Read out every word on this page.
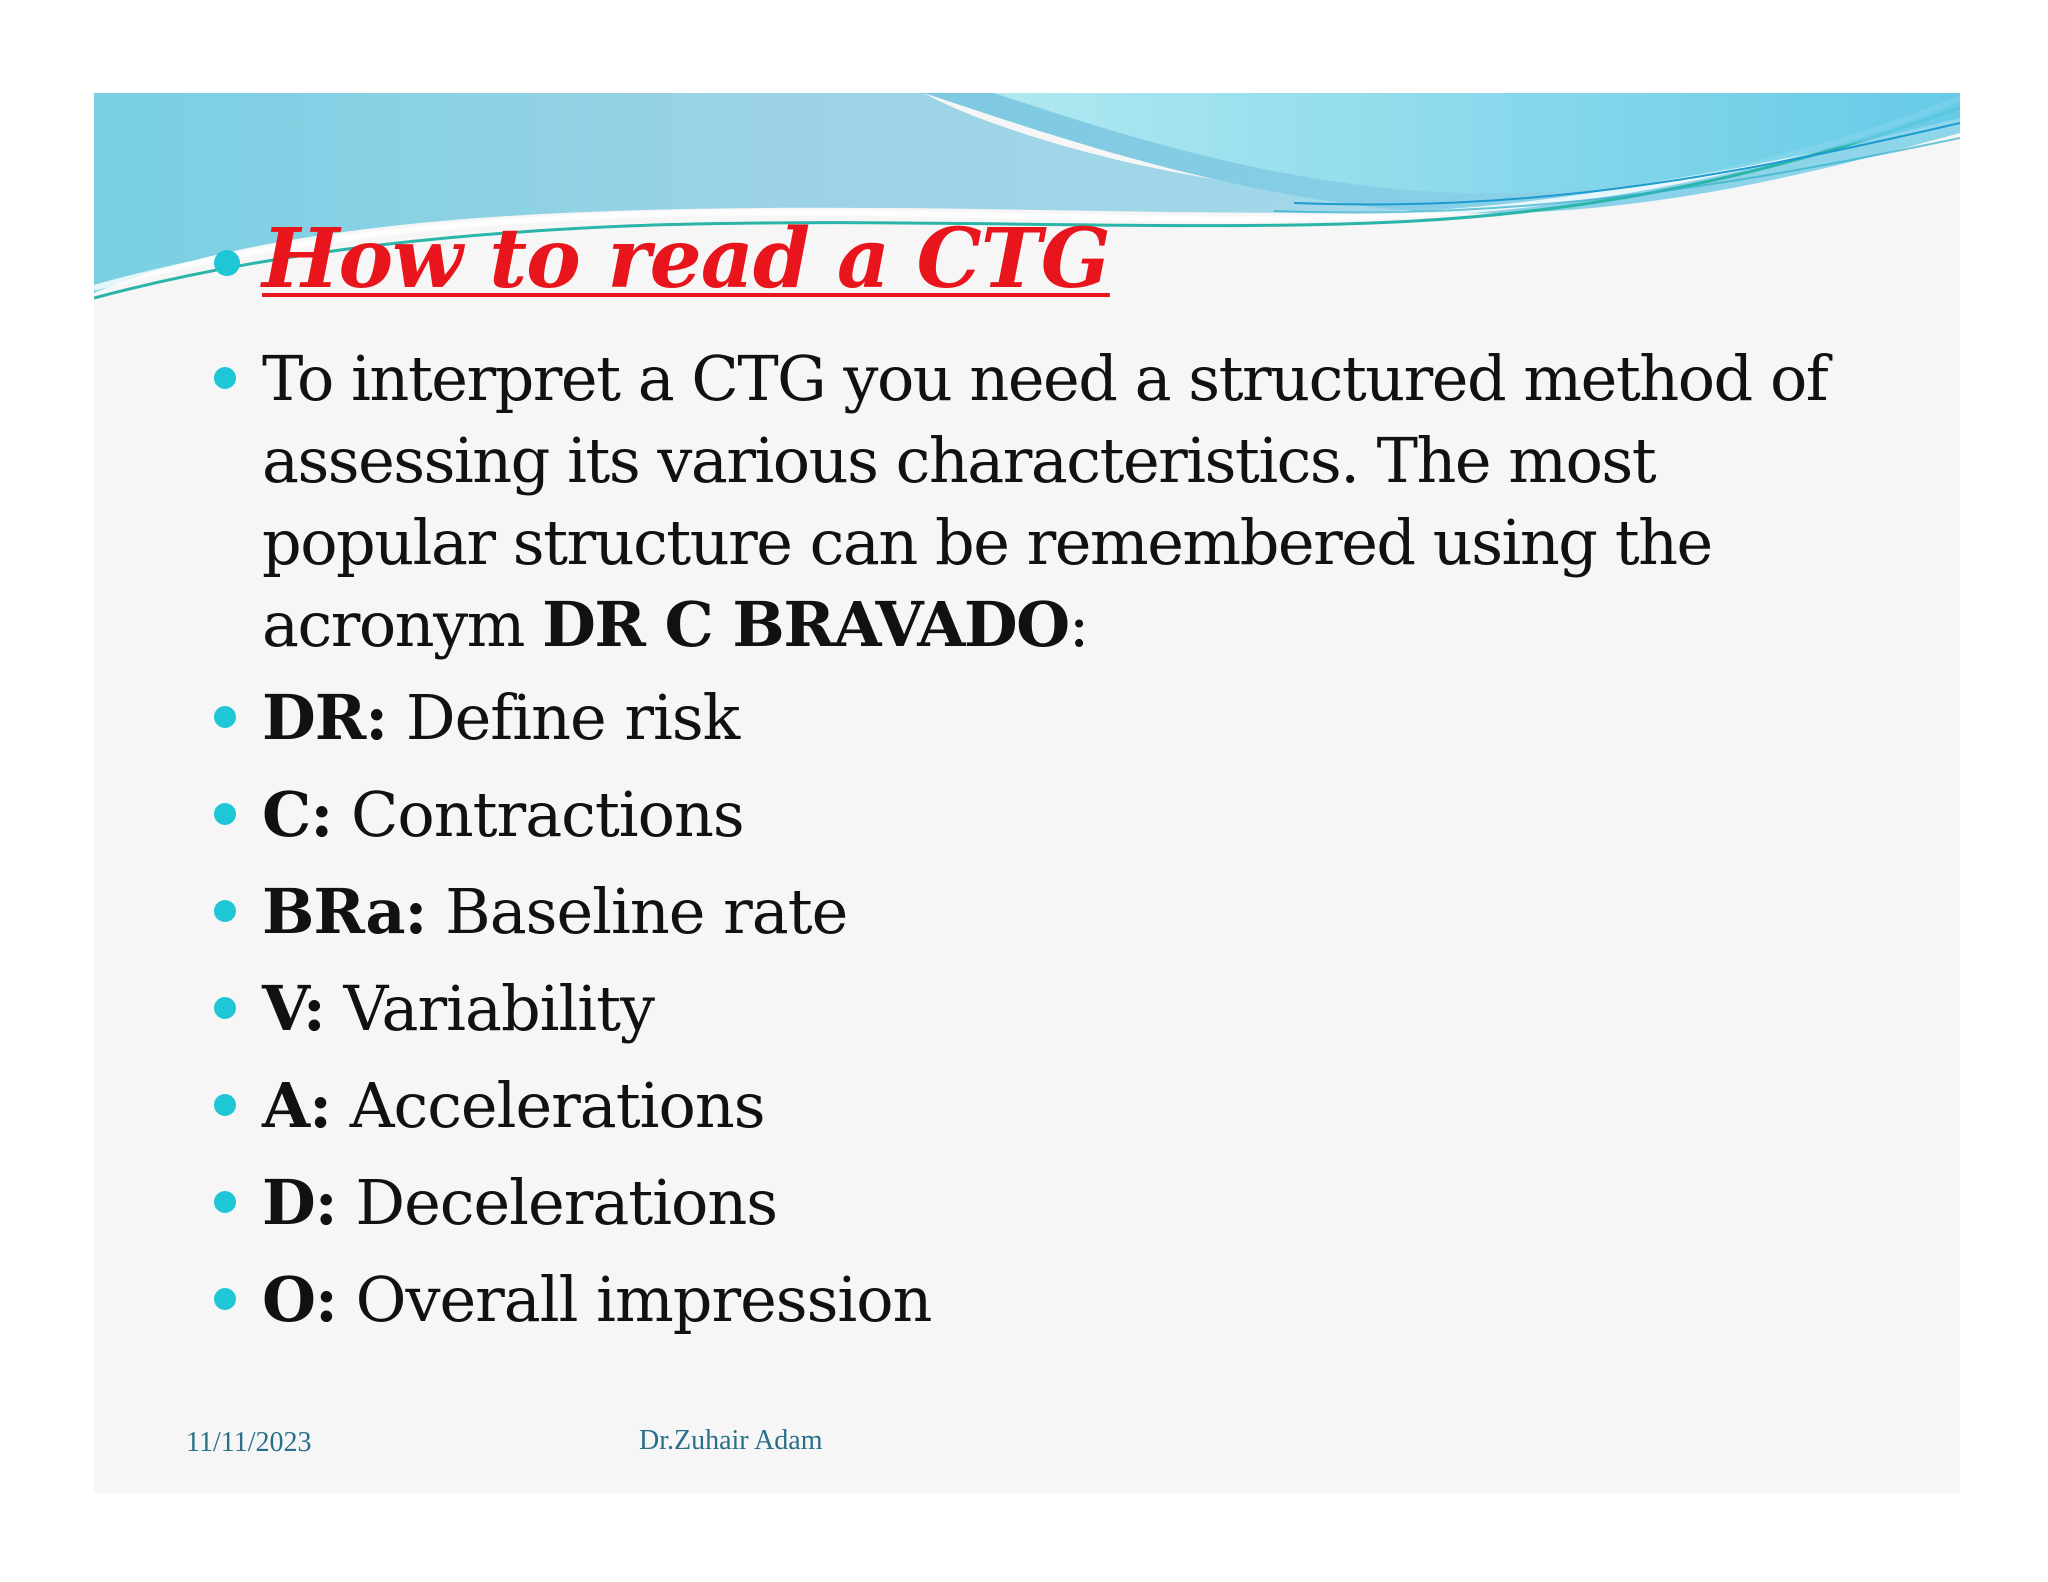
How to read a CTG
To interpret a CTG you need a structured method of assessing its various characteristics. The most popular structure can be remembered using the acronym DR C BRAVADO:
DR: Define risk
C: Contractions
BRa: Baseline rate
V: Variability
A: Accelerations
D: Decelerations
O: Overall impression
11/11/2023	Dr.Zuhair Adam
